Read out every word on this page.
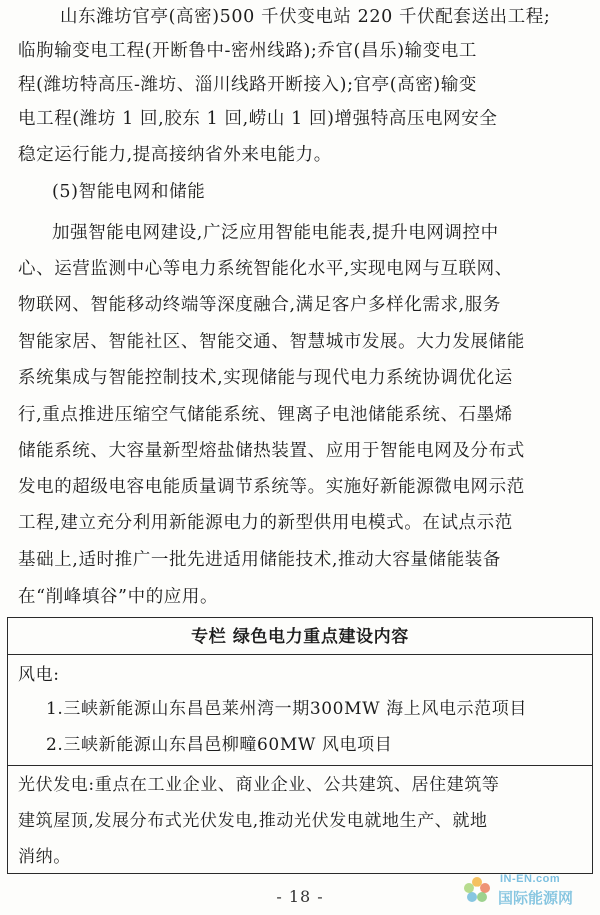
山东潍坊官亭(高密)500 千伏变电站 220 千伏配套送出工程;
临朐输变电工程(开断鲁中-密州线路);乔官(昌乐)输变电工
程(潍坊特高压-潍坊、淄川线路开断接入);官亭(高密)输变
电工程(潍坊 1 回,胶东 1 回,崂山 1 回)增强特高压电网安全
稳定运行能力,提高接纳省外来电能力。
(5)智能电网和储能
加强智能电网建设,广泛应用智能电能表,提升电网调控中
心、运营监测中心等电力系统智能化水平,实现电网与互联网、
物联网、智能移动终端等深度融合,满足客户多样化需求,服务
智能家居、智能社区、智能交通、智慧城市发展。大力发展储能
系统集成与智能控制技术,实现储能与现代电力系统协调优化运
行,重点推进压缩空气储能系统、锂离子电池储能系统、石墨烯
储能系统、大容量新型熔盐储热装置、应用于智能电网及分布式
发电的超级电容电能质量调节系统等。实施好新能源微电网示范
工程,建立充分利用新能源电力的新型供用电模式。在试点示范
基础上,适时推广一批先进适用储能技术,推动大容量储能装备
在“削峰填谷”中的应用。
专栏 绿色电力重点建设内容
风电:
1.三峡新能源山东昌邑莱州湾一期300MW 海上风电示范项目
2.三峡新能源山东昌邑柳疃60MW 风电项目
光伏发电:重点在工业企业、商业企业、公共建筑、居住建筑等
建筑屋顶,发展分布式光伏发电,推动光伏发电就地生产、就地
消纳。
- 18 -
IN-EN.com
国际能源网
